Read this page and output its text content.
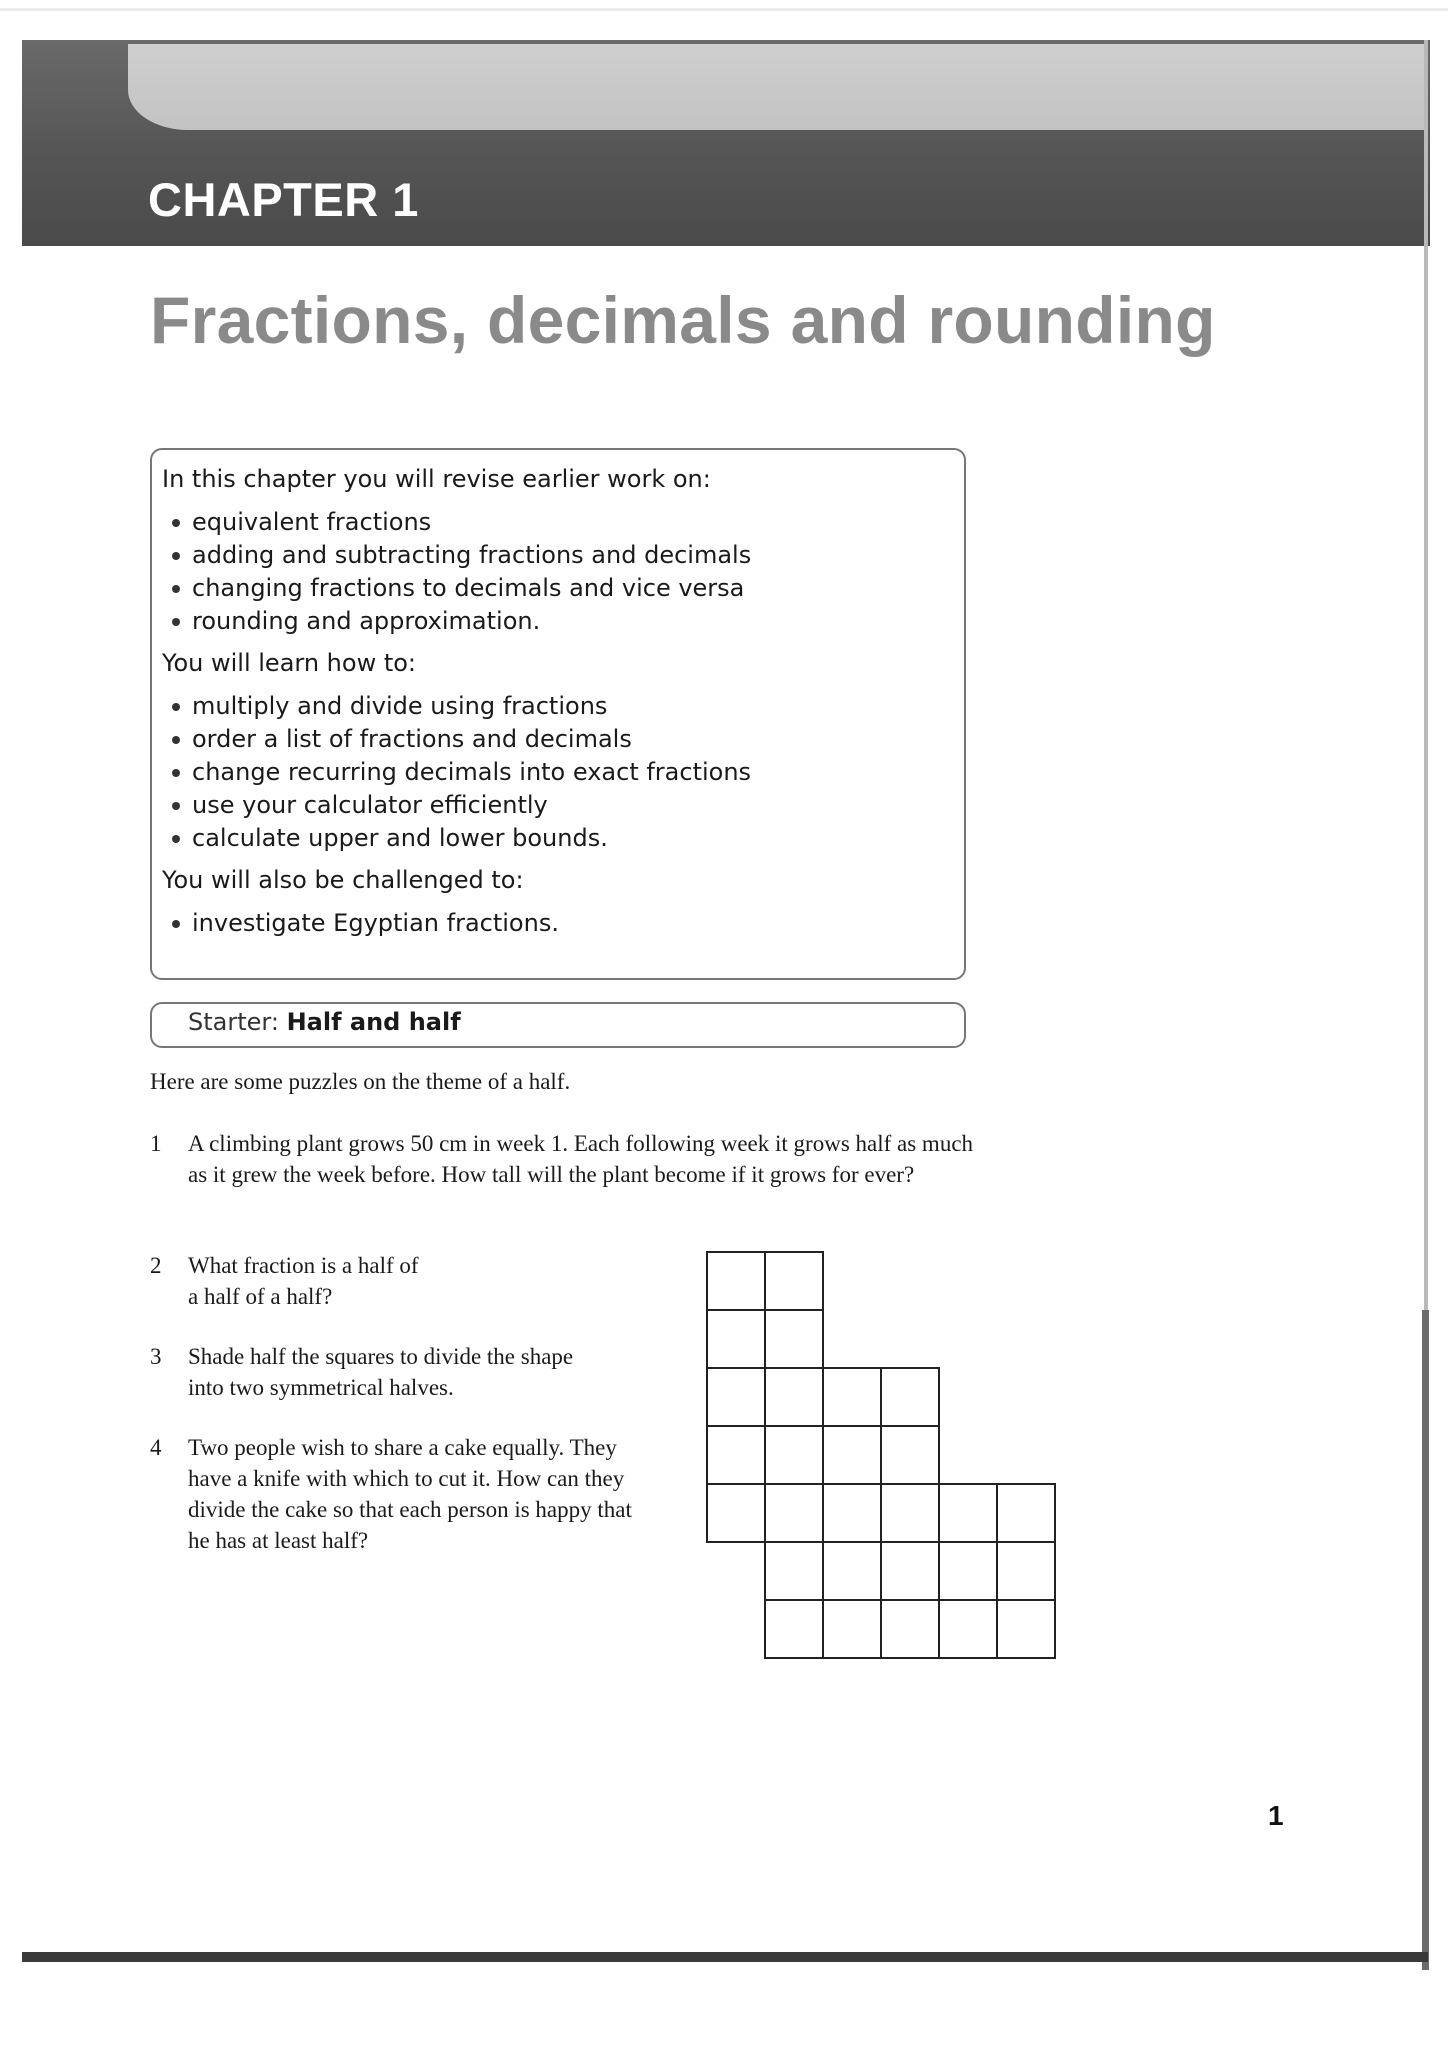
CHAPTER 1
Fractions, decimals and rounding

In this chapter you will revise earlier work on:

equivalent fractions
adding and subtracting fractions and decimals
changing fractions to decimals and vice versa
rounding and approximation.

You will learn how to:

multiply and divide using fractions
order a list of fractions and decimals
change recurring decimals into exact fractions
use your calculator efficiently
calculate upper and lower bounds.

You will also be challenged to:

investigate Egyptian fractions.
Starter: Half and half

Here are some puzzles on the theme of a half.

1	A climbing plant grows 50 cm in week 1. Each following week it grows half as much as it grew the week before. How tall will the plant become if it grows for ever?
2	What fraction is a half of a half of a half?
3	Shade half the squares to divide the shape into two symmetrical halves.
4	Two people wish to share a cake equally. They have a knife with which to cut it. How can they divide the cake so that each person is happy that he has at least half?

1
